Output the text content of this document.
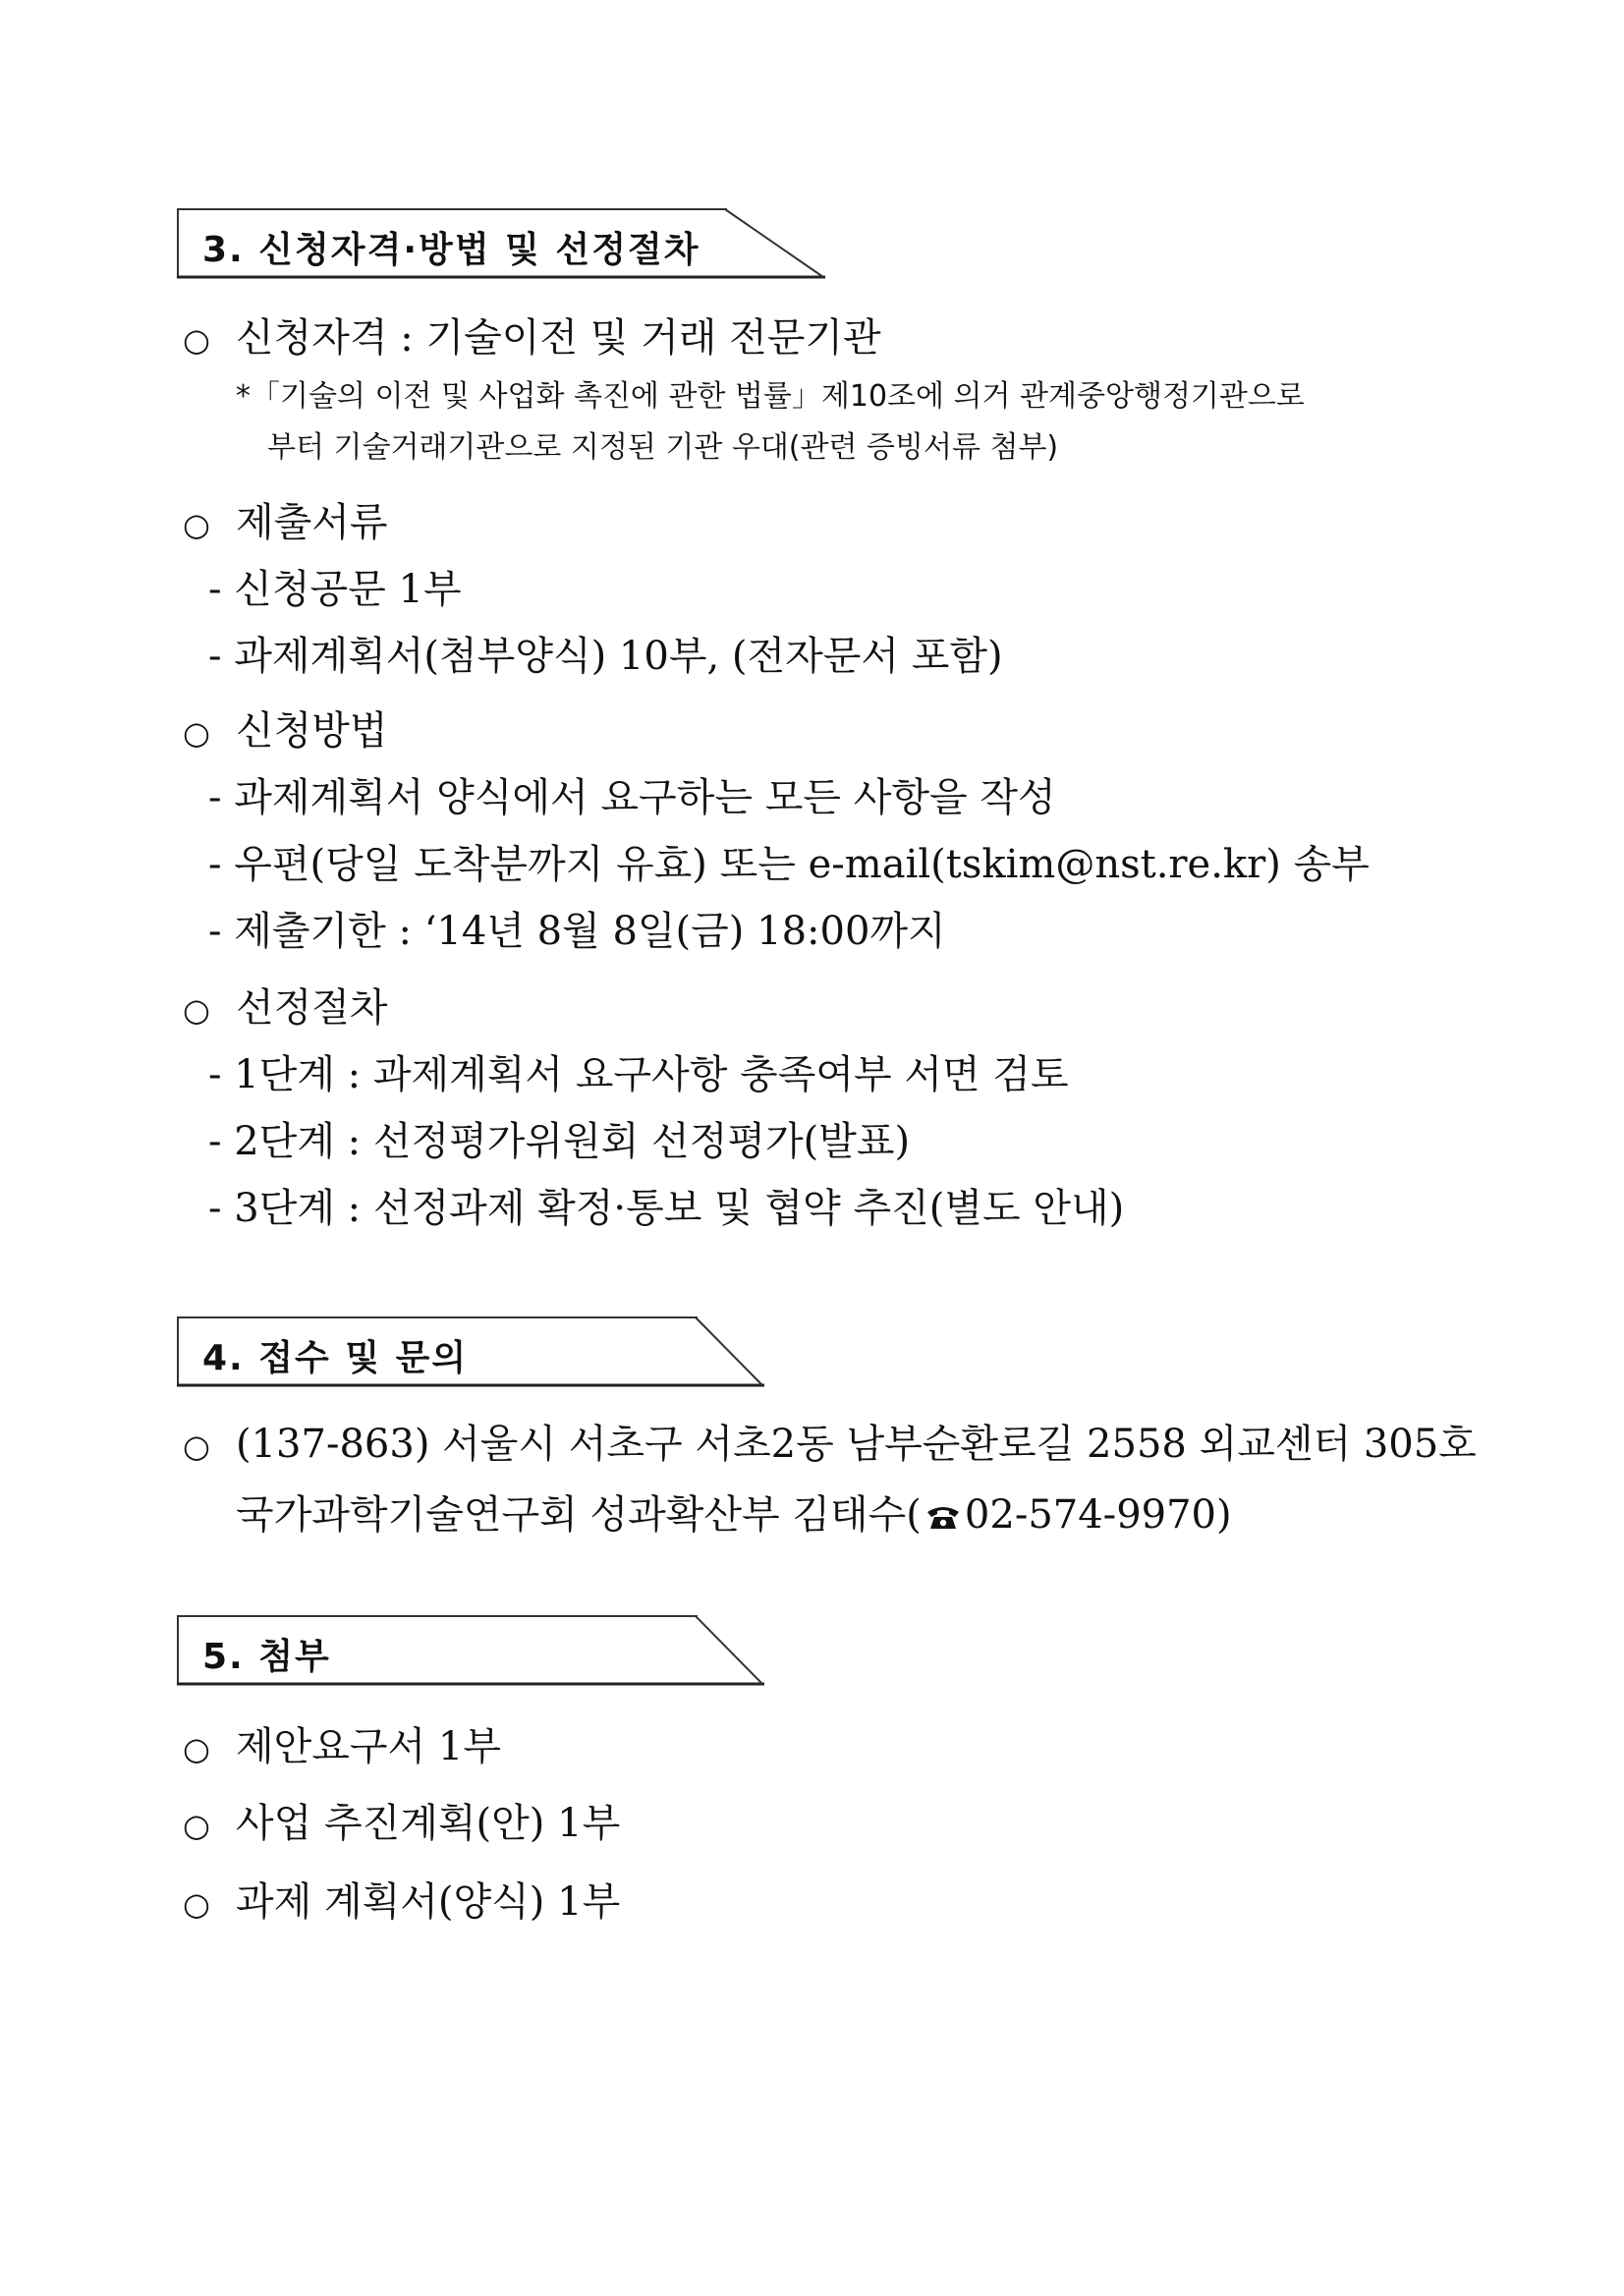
3. 신청자격·방법 및 선정절차
○ 신청자격 : 기술이전 및 거래 전문기관
*「기술의 이전 및 사업화 촉진에 관한 법률」제10조에 의거 관계중앙행정기관으로
부터 기술거래기관으로 지정된 기관 우대(관련 증빙서류 첨부)
○ 제출서류
- 신청공문 1부
- 과제계획서(첨부양식) 10부, (전자문서 포함)
○ 신청방법
- 과제계획서 양식에서 요구하는 모든 사항을 작성
- 우편(당일 도착분까지 유효) 또는 e-mail(tskim@nst.re.kr) 송부
- 제출기한 : ‘14년 8월 8일(금) 18:00까지
○ 선정절차
- 1단계 : 과제계획서 요구사항 충족여부 서면 검토
- 2단계 : 선정평가위원회 선정평가(발표)
- 3단계 : 선정과제 확정·통보 및 협약 추진(별도 안내)
4. 접수 및 문의
○ (137-863) 서울시 서초구 서초2동 남부순환로길 2558 외교센터 305호
국가과학기술연구회 성과확산부 김태수( 02-574-9970)
5. 첨부
○ 제안요구서 1부
○ 사업 추진계획(안) 1부
○ 과제 계획서(양식) 1부
